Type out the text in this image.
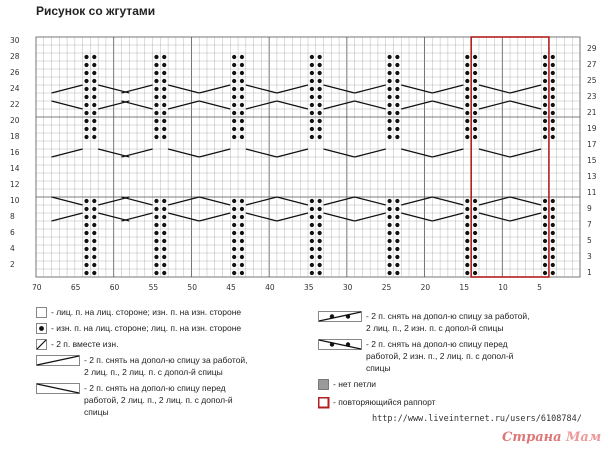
Рисунок со жгутами
30
28
26
24
22
20
18
16
14
12
10
8
6
4
2
29
27
25
23
21
19
17
15
13
11
9
7
5
3
1
70	65	60	55	50	45	40	35	30	25	20	15	10	5
- лиц. п. на лиц. стороне; изн. п. на изн. стороне
- изн. п. на лиц. стороне; лиц. п. на изн. стороне
- 2 п. вместе изн.
- 2 п. снять на допол-ю спицу за работой,
2 лиц. п., 2 лиц. п. с допол-й спицы
- 2 п. снять на допол-ю спицу перед
работой, 2 лиц. п., 2 лиц. п. с допол-й
спицы
- 2 п. снять на допол-ю спицу за работой,
2 лиц. п., 2 изн. п. с допол-й спицы
- 2 п. снять на допол-ю спицу перед
работой, 2 изн. п., 2 лиц. п. с допол-й
спицы
- нет петли
- повторяющийся раппорт
http://www.liveinternet.ru/users/6108784/
Страна Мам
